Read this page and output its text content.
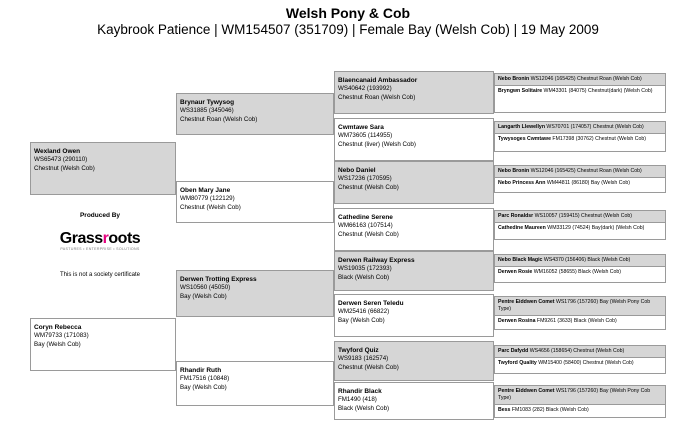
Welsh Pony & Cob
Kaybrook Patience | WM154507 (351709) | Female Bay (Welsh Cob) | 19 May 2009
Wexland Owen
WS65473 (290110)
Chestnut (Welsh Cob)
Coryn Rebecca
WM79733 (171083)
Bay (Welsh Cob)
Brynaur Tywysog
WS31885 (345046)
Chestnut Roan (Welsh Cob)
Oben Mary Jane
WM80779 (122129)
Chestnut (Welsh Cob)
Derwen Trotting Express
WS10560 (45050)
Bay (Welsh Cob)
Rhandir Ruth
FM17516 (10848)
Bay (Welsh Cob)
Blaencanaid Ambassador
WS40642 (193992)
Chestnut Roan (Welsh Cob)
Cwmtawe Sara
WM73605 (114955)
Chestnut (liver) (Welsh Cob)
Nebo Daniel
WS17236 (170595)
Chestnut (Welsh Cob)
Cathedine Serene
WM66163 (107514)
Chestnut (Welsh Cob)
Derwen Railway Express
WS19035 (172393)
Black (Welsh Cob)
Derwen Seren Teledu
WM25416 (66822)
Bay (Welsh Cob)
Twyford Quiz
WS9183 (162574)
Chestnut (Welsh Cob)
Rhandir Black
FM1490 (418)
Black (Welsh Cob)
Nebo Bronin WS12046 (165425) Chestnut Roan (Welsh Cob)
Bryngwn Solitaire WM43301 (84075) Chestnut(dark) (Welsh Cob)
Langarth Llewellyn WS70701 (174057) Chestnut (Welsh Cob)
Tywysoges Cwmtawe FM17398 (30762) Chestnut (Welsh Cob)
Nebo Bronin WS12046 (165425) Chestnut Roan (Welsh Cob)
Nebo Princess Ann WM44811 (86180) Bay (Welsh Cob)
Parc Ronaldsr WS10057 (159415) Chestnut (Welsh Cob)
Cathedine Maureen WM33129 (74524) Bay(dark) (Welsh Cob)
Nebo Black Magic WS4370 (156406) Black (Welsh Cob)
Derwen Rosie WM16052 (58655) Black (Welsh Cob)
Pentre Eiddwen Comet WS1796 (157260) Bay (Welsh Pony Cob Type)
Derwen Rosina FM9261 (3633) Black (Welsh Cob)
Parc Dafydd WS4656 (158654) Chestnut (Welsh Cob)
Twyford Quality WM15400 (58400) Chestnut (Welsh Cob)
Pentre Eiddwen Comet WS1796 (157260) Bay (Welsh Pony Cob Type)
Bess FM1083 (282) Black (Welsh Cob)
Produced By
Grassroots
PASTURES • ENTERPRISE • SOLUTIONS
This is not a society certificate
